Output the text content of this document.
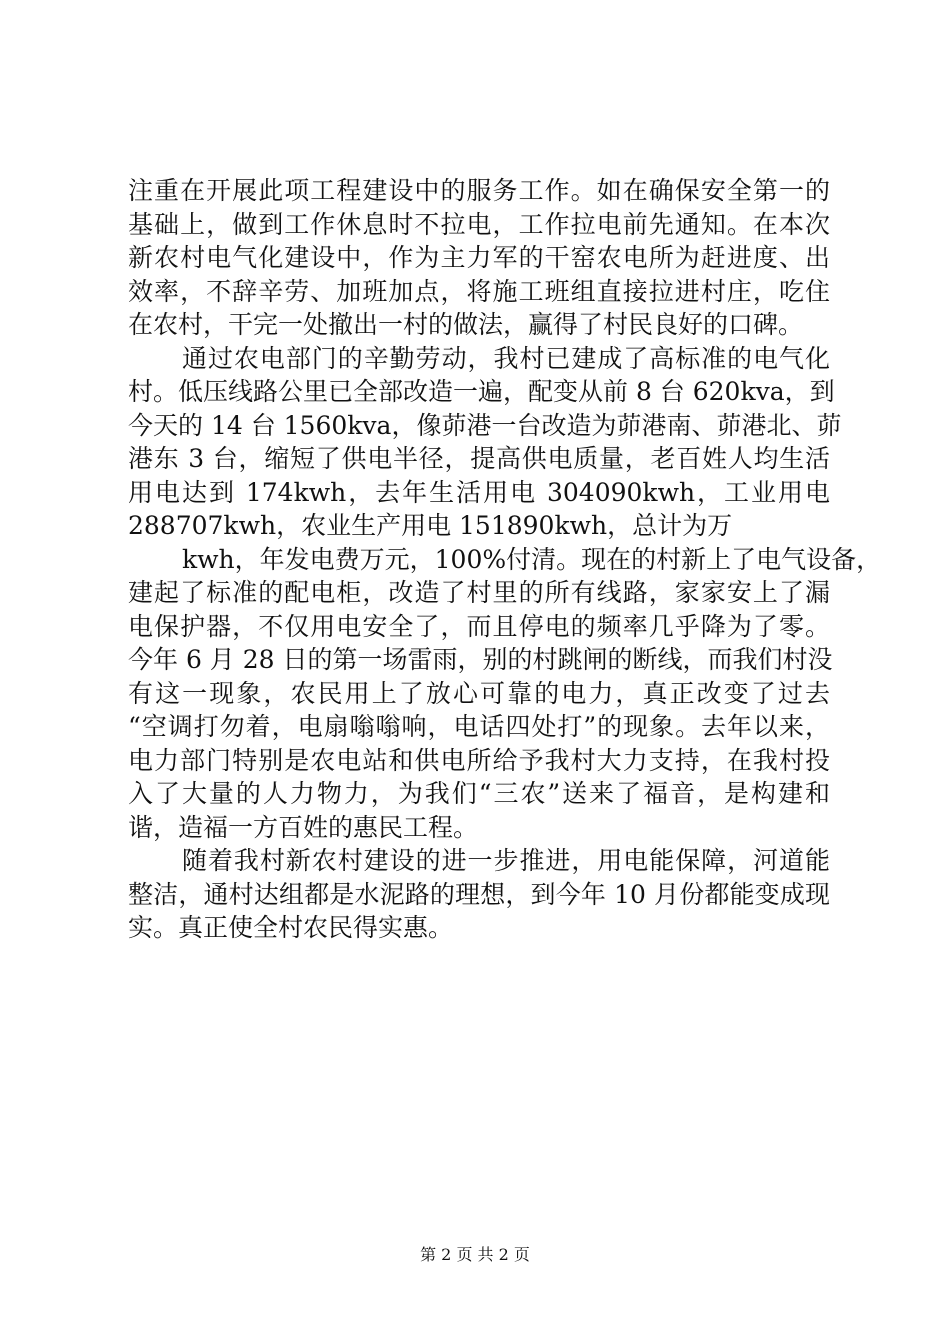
注重在开展此项工程建设中的服务工作。如在确保安全第一的
基础上，做到工作休息时不拉电，工作拉电前先通知。在本次
新农村电气化建设中，作为主力军的干窑农电所为赶进度、出
效率，不辞辛劳、加班加点，将施工班组直接拉进村庄，吃住
在农村，干完一处撤出一村的做法，赢得了村民良好的口碑。
通过农电部门的辛勤劳动，我村已建成了高标准的电气化
村。低压线路公里已全部改造一遍，配变从前 8 台 620kva，到
今天的 14 台 1560kva，像茆港一台改造为茆港南、茆港北、茆
港东 3 台，缩短了供电半径，提高供电质量，老百姓人均生活
用电达到 174kwh，去年生活用电 304090kwh，工业用电
288707kwh，农业生产用电 151890kwh，总计为万
kwh，年发电费万元，100%付清。现在的村新上了电气设备，
建起了标准的配电柜，改造了村里的所有线路，家家安上了漏
电保护器，不仅用电安全了，而且停电的频率几乎降为了零。
今年 6 月 28 日的第一场雷雨，别的村跳闸的断线，而我们村没
有这一现象，农民用上了放心可靠的电力，真正改变了过去
“空调打勿着，电扇嗡嗡响，电话四处打”的现象。去年以来，
电力部门特别是农电站和供电所给予我村大力支持，在我村投
入了大量的人力物力，为我们“三农”送来了福音，是构建和
谐，造福一方百姓的惠民工程。
随着我村新农村建设的进一步推进，用电能保障，河道能
整洁，通村达组都是水泥路的理想，到今年 10 月份都能变成现
实。真正使全村农民得实惠。
第 2 页 共 2 页
